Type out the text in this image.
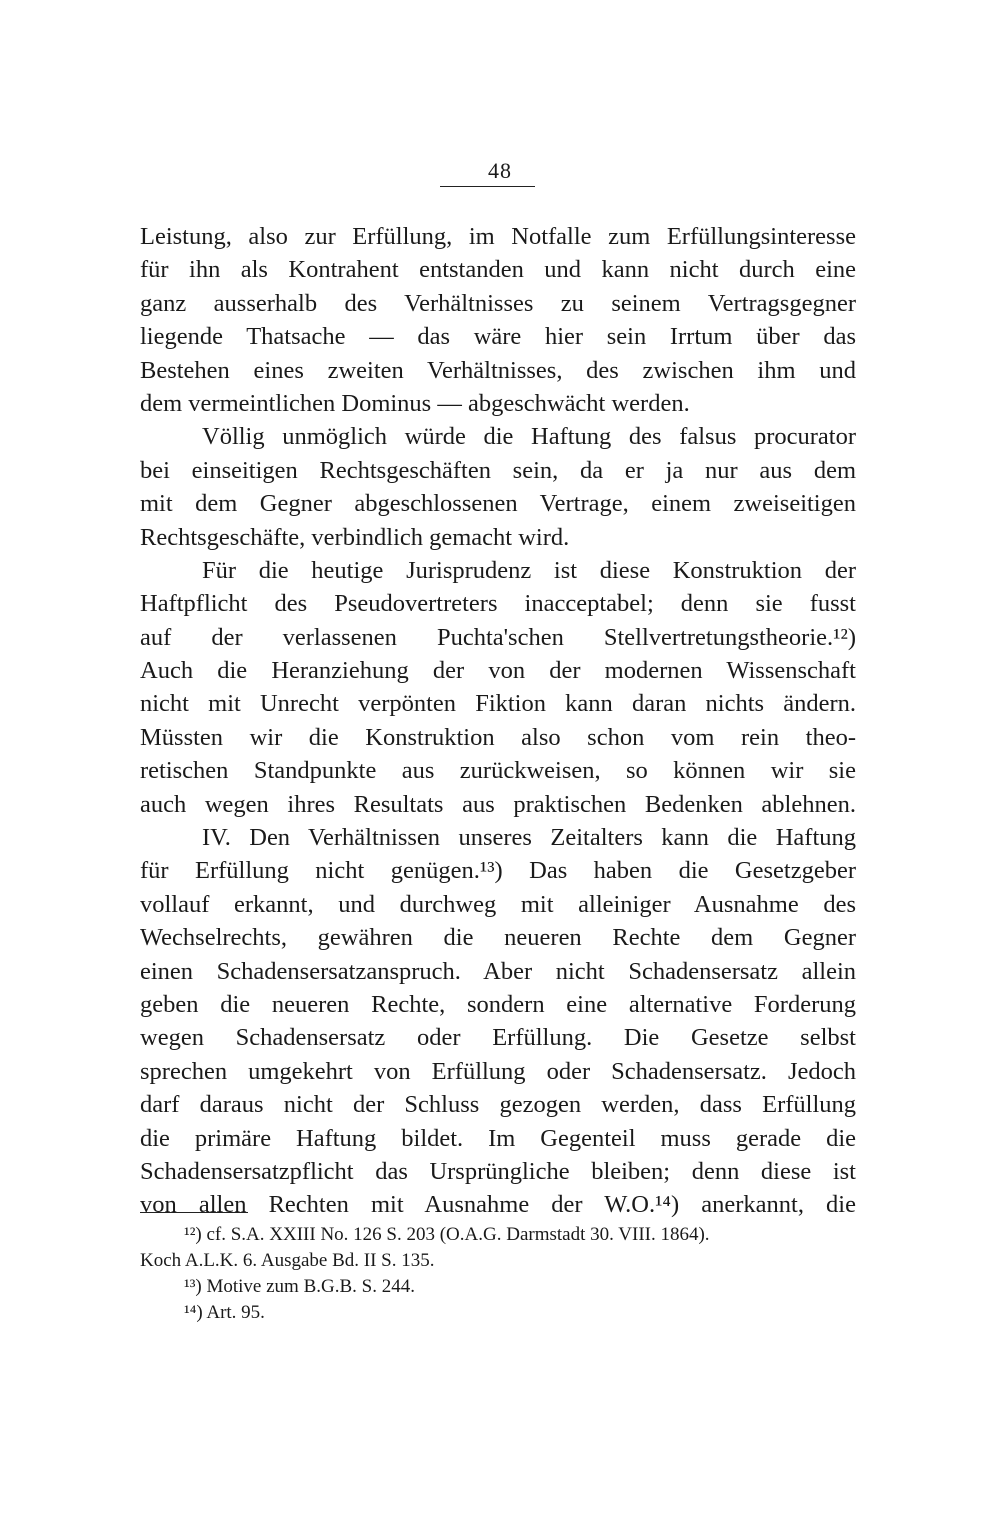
48
Leistung, also zur Erfüllung, im Notfalle zum Erfüllungsinteresse
für ihn als Kontrahent entstanden und kann nicht durch eine
ganz ausserhalb des Verhältnisses zu seinem Vertragsgegner
liegende Thatsache — das wäre hier sein Irrtum über das
Bestehen eines zweiten Verhältnisses, des zwischen ihm und
dem vermeintlichen Dominus — abgeschwächt werden.
Völlig unmöglich würde die Haftung des falsus procurator
bei einseitigen Rechtsgeschäften sein, da er ja nur aus dem
mit dem Gegner abgeschlossenen Vertrage, einem zweiseitigen
Rechtsgeschäfte, verbindlich gemacht wird.
Für die heutige Jurisprudenz ist diese Konstruktion der
Haftpflicht des Pseudovertreters inacceptabel; denn sie fusst
auf der verlassenen Puchta'schen Stellvertretungstheorie.¹²)
Auch die Heranziehung der von der modernen Wissenschaft
nicht mit Unrecht verpönten Fiktion kann daran nichts ändern.
Müssten wir die Konstruktion also schon vom rein theo-
retischen Standpunkte aus zurückweisen, so können wir sie
auch wegen ihres Resultats aus praktischen Bedenken ablehnen.
IV. Den Verhältnissen unseres Zeitalters kann die Haftung
für Erfüllung nicht genügen.¹³) Das haben die Gesetzgeber
vollauf erkannt, und durchweg mit alleiniger Ausnahme des
Wechselrechts, gewähren die neueren Rechte dem Gegner
einen Schadensersatzanspruch. Aber nicht Schadensersatz allein
geben die neueren Rechte, sondern eine alternative Forderung
wegen Schadensersatz oder Erfüllung. Die Gesetze selbst
sprechen umgekehrt von Erfüllung oder Schadensersatz. Jedoch
darf daraus nicht der Schluss gezogen werden, dass Erfüllung
die primäre Haftung bildet. Im Gegenteil muss gerade die
Schadensersatzpflicht das Ursprüngliche bleiben; denn diese ist
von allen Rechten mit Ausnahme der W.O.¹⁴) anerkannt, die
¹²) cf. S.A. XXIII No. 126 S. 203 (O.A.G. Darmstadt 30. VIII. 1864).
Koch A.L.K. 6. Ausgabe Bd. II S. 135.
¹³) Motive zum B.G.B. S. 244.
¹⁴) Art. 95.
